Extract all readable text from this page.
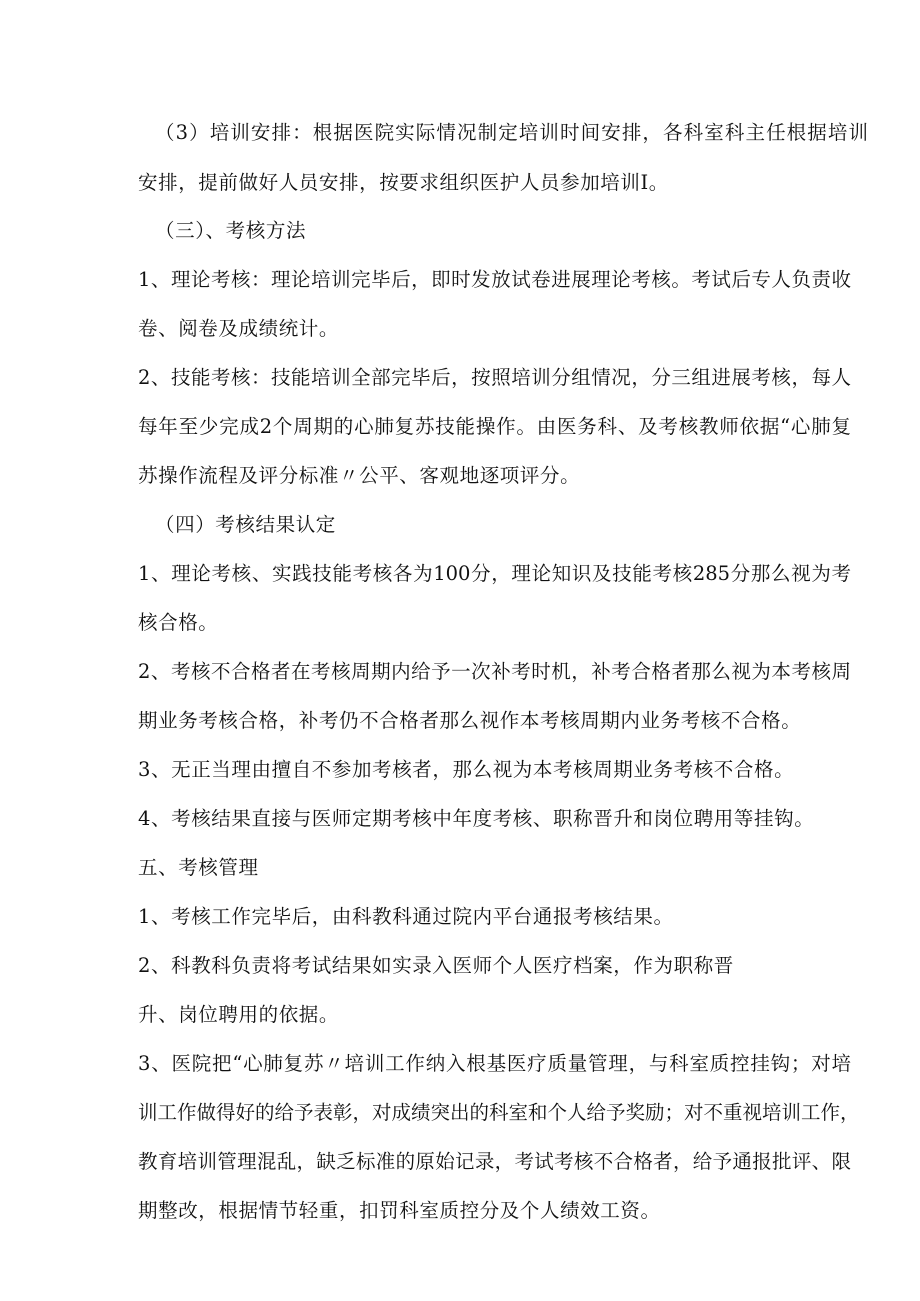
（3）培训安排：根据医院实际情况制定培训时间安排，各科室科主任根据培训
安排，提前做好人员安排，按要求组织医护人员参加培训I。
（三）、考核方法
1、理论考核：理论培训完毕后，即时发放试卷进展理论考核。考试后专人负责收
卷、阅卷及成绩统计。
2、技能考核：技能培训全部完毕后，按照培训分组情况，分三组进展考核，每人
每年至少完成2个周期的心肺复苏技能操作。由医务科、及考核教师依据“心肺复
苏操作流程及评分标准〃公平、客观地逐项评分。
（四）考核结果认定
1、理论考核、实践技能考核各为100分，理论知识及技能考核285分那么视为考
核合格。
2、考核不合格者在考核周期内给予一次补考时机，补考合格者那么视为本考核周
期业务考核合格，补考仍不合格者那么视作本考核周期内业务考核不合格。
3、无正当理由擅自不参加考核者，那么视为本考核周期业务考核不合格。
4、考核结果直接与医师定期考核中年度考核、职称晋升和岗位聘用等挂钩。
五、考核管理
1、考核工作完毕后，由科教科通过院内平台通报考核结果。
2、科教科负责将考试结果如实录入医师个人医疗档案，作为职称晋
升、岗位聘用的依据。
3、医院把“心肺复苏〃培训工作纳入根基医疗质量管理，与科室质控挂钩；对培
训工作做得好的给予表彰，对成绩突出的科室和个人给予奖励；对不重视培训工作，
教育培训管理混乱，缺乏标准的原始记录，考试考核不合格者，给予通报批评、限
期整改，根据情节轻重，扣罚科室质控分及个人绩效工资。
